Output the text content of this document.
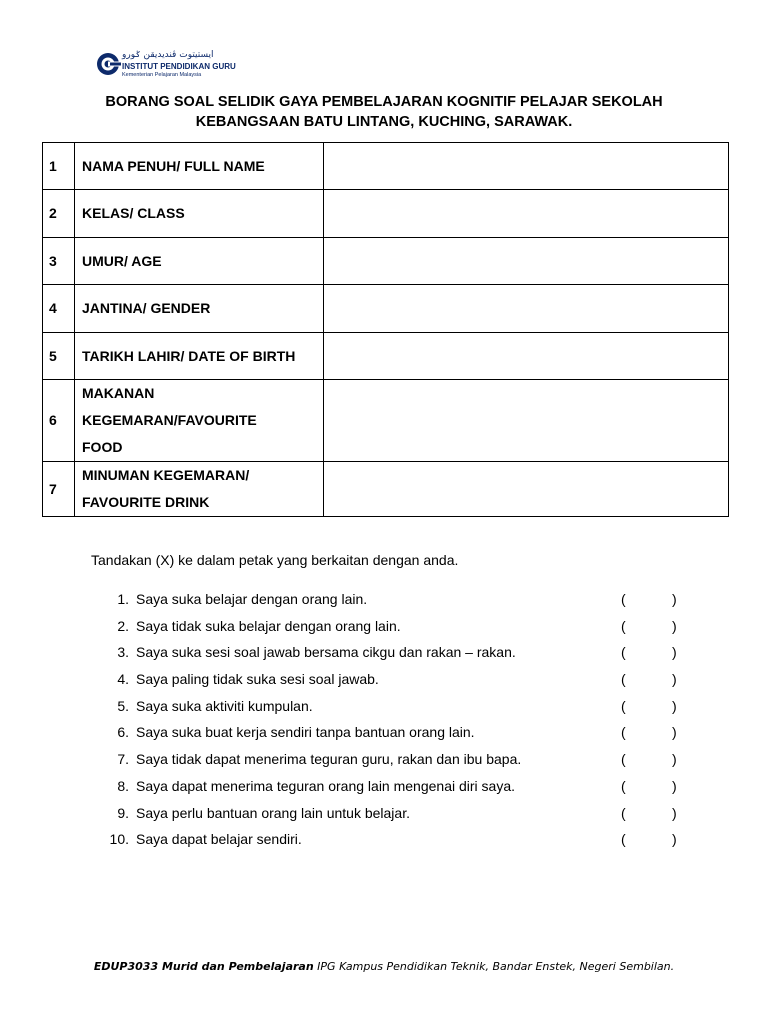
ايستيتوت ڤنديديقن ݢورو
INSTITUT PENDIDIKAN GURU
Kementerian Pelajaran Malaysia
BORANG SOAL SELIDIK GAYA PEMBELAJARAN KOGNITIF PELAJAR SEKOLAH
KEBANGSAAN BATU LINTANG, KUCHING, SARAWAK.
1	NAMA PENUH/ FULL NAME	
2	KELAS/ CLASS	
3	UMUR/ AGE	
4	JANTINA/ GENDER	
5	TARIKH LAHIR/ DATE OF BIRTH	
6	MAKANAN
KEGEMARAN/FAVOURITE
FOOD	

7	MINUMAN KEGEMARAN/
FAVOURITE DRINK	

Tandakan (X) ke dalam petak yang berkaitan dengan anda.
1. Saya suka belajar dengan orang lain.	(	)
2. Saya tidak suka belajar dengan orang lain.	(	)
3. Saya suka sesi soal jawab bersama cikgu dan rakan – rakan.	(	)
4. Saya paling tidak suka sesi soal jawab.	(	)
5. Saya suka aktiviti kumpulan.	(	)
6. Saya suka buat kerja sendiri tanpa bantuan orang lain.	(	)
7. Saya tidak dapat menerima teguran guru, rakan dan ibu bapa.	(	)
8. Saya dapat menerima teguran orang lain mengenai diri saya.	(	)
9. Saya perlu bantuan orang lain untuk belajar.	(	)
10. Saya dapat belajar sendiri.	(	)
EDUP3033 Murid dan Pembelajaran IPG Kampus Pendidikan Teknik, Bandar Enstek, Negeri Sembilan.
